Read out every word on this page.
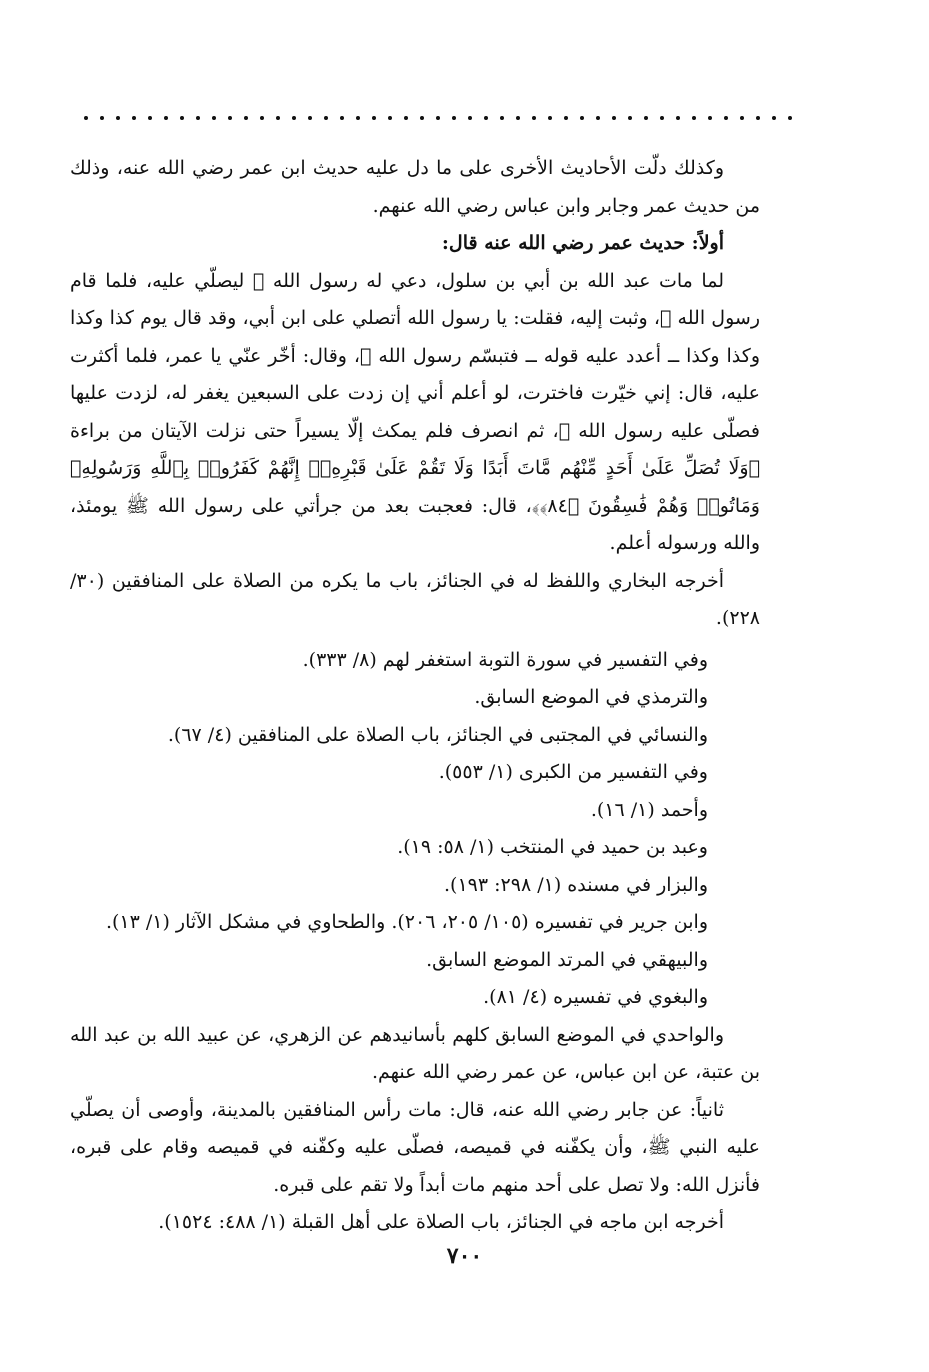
وكذلك دلّت الأحاديث الأخرى على ما دل عليه حديث ابن عمر رضي الله عنه، وذلك من حديث عمر وجابر وابن عباس رضي الله عنهم.

أولاً: حديث عمر رضي الله عنه قال:

لما مات عبد الله بن أبي بن سلول، دعي له رسول الله ﷺ ليصلّي عليه، فلما قام رسول الله ﷺ، وثبت إليه، فقلت: يا رسول الله أتصلي على ابن أبي، وقد قال يوم كذا وكذا وكذا وكذا ــ أعدد عليه قوله ــ فتبسّم رسول الله ﷺ، وقال: أخّر عنّي يا عمر، فلما أكثرت عليه، قال: إني خيّرت فاخترت، لو أعلم أني إن زدت على السبعين يغفر له، لزدت عليها فصلّى عليه رسول الله ﷺ، ثم انصرف فلم يمكث إلّا يسيراً حتى نزلت الآيتان من براءة ﴿وَلَا تُصَلِّ عَلَىٰ أَحَدٍ مِّنْهُم مَّاتَ أَبَدًا وَلَا تَقُمْ عَلَىٰ قَبْرِهِۦٓ إِنَّهُمْ كَفَرُوا۟ بِٱللَّهِ وَرَسُولِهِۦ وَمَاتُوا۟ وَهُمْ فَٰسِقُونَ ﴿٨٤﴾﴾، قال: فعجبت بعد من جرأتي على رسول الله ﷺ يومئذ، والله ورسوله أعلم.

أخرجه البخاري واللفظ له في الجنائز، باب ما يكره من الصلاة على المنافقين (٣٠/ ٢٢٨).

وفي التفسير في سورة التوبة استغفر لهم (٨/ ٣٣٣).

والترمذي في الموضع السابق.

والنسائي في المجتبى في الجنائز، باب الصلاة على المنافقين (٤/ ٦٧).

وفي التفسير من الكبرى (١/ ٥٥٣).

وأحمد (١/ ١٦).

وعبد بن حميد في المنتخب (١/ ٥٨: ١٩).

والبزار في مسنده (١/ ٢٩٨: ١٩٣).

وابن جرير في تفسيره (١٠٥/ ٢٠٥، ٢٠٦). والطحاوي في مشكل الآثار (١/ ١٣).

والبيهقي في المرتد الموضع السابق.

والبغوي في تفسيره (٤/ ٨١).

والواحدي في الموضع السابق كلهم بأسانيدهم عن الزهري، عن عبيد الله بن عبد الله بن عتبة، عن ابن عباس، عن عمر رضي الله عنهم.

ثانياً: عن جابر رضي الله عنه، قال: مات رأس المنافقين بالمدينة، وأوصى أن يصلّي عليه النبي ﷺ، وأن يكفّنه في قميصه، فصلّى عليه وكفّنه في قميصه وقام على قبره، فأنزل الله: ولا تصل على أحد منهم مات أبداً ولا تقم على قبره.

أخرجه ابن ماجه في الجنائز، باب الصلاة على أهل القبلة (١/ ٤٨٨: ١٥٢٤).

٧٠٠
